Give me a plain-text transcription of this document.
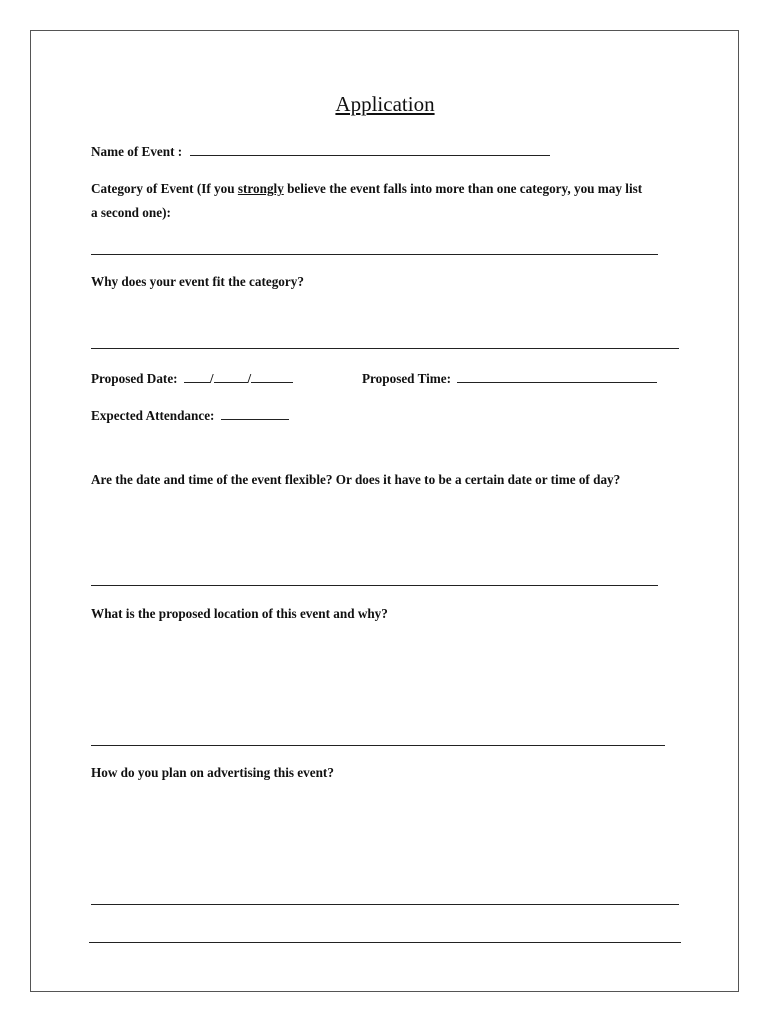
Application
Name of Event :
Category of Event (If you strongly believe the event falls into more than one category, you may list
a second one):
Why does your event fit the category?
Proposed Date: /	/	Proposed Time:
Expected Attendance:
Are the date and time of the event flexible? Or does it have to be a certain date or time of day?
What is the proposed location of this event and why?
How do you plan on advertising this event?
